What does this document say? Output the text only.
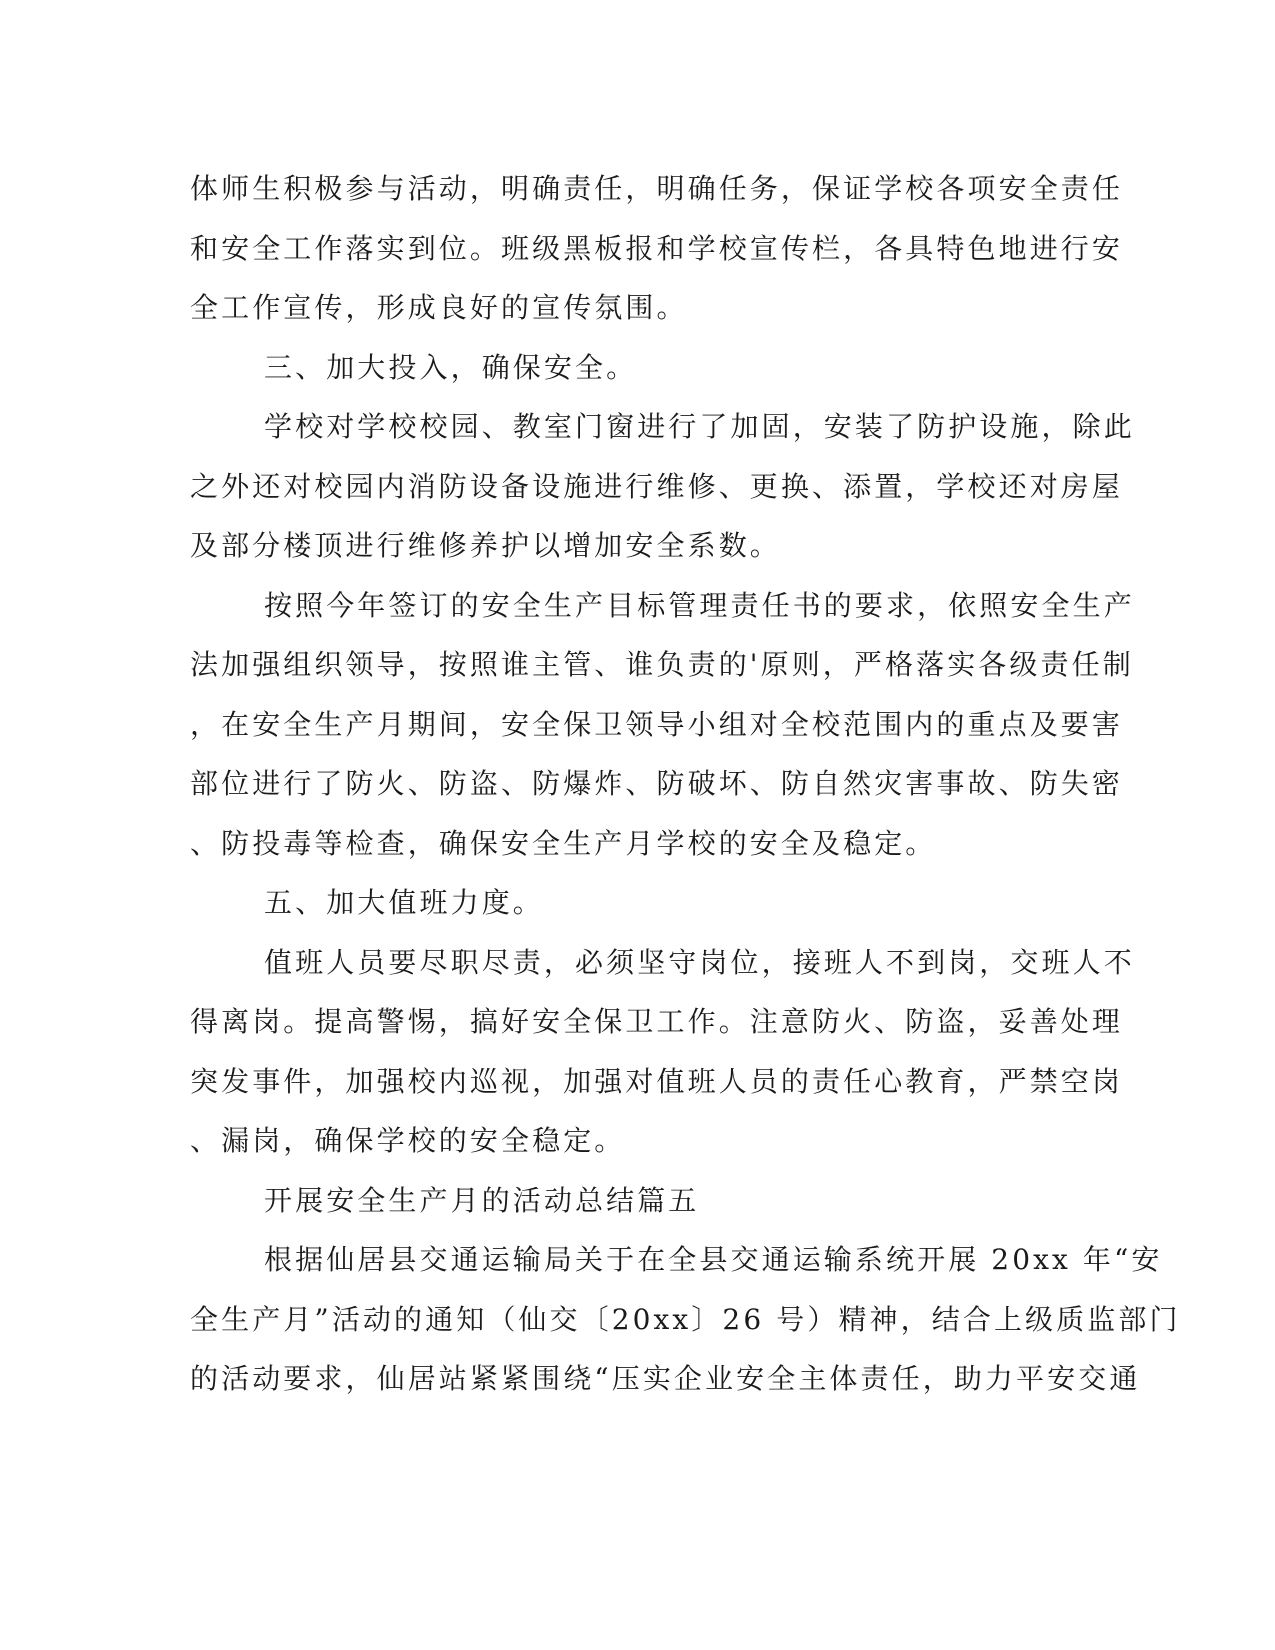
体师生积极参与活动，明确责任，明确任务，保证学校各项安全责任
和安全工作落实到位。班级黑板报和学校宣传栏，各具特色地进行安
全工作宣传，形成良好的宣传氛围。
三、加大投入，确保安全。
学校对学校校园、教室门窗进行了加固，安装了防护设施，除此
之外还对校园内消防设备设施进行维修、更换、添置，学校还对房屋
及部分楼顶进行维修养护以增加安全系数。
按照今年签订的安全生产目标管理责任书的要求，依照安全生产
法加强组织领导，按照谁主管、谁负责的'原则，严格落实各级责任制
，在安全生产月期间，安全保卫领导小组对全校范围内的重点及要害
部位进行了防火、防盗、防爆炸、防破坏、防自然灾害事故、防失密
、防投毒等检查，确保安全生产月学校的安全及稳定。
五、加大值班力度。
值班人员要尽职尽责，必须坚守岗位，接班人不到岗，交班人不
得离岗。提高警惕，搞好安全保卫工作。注意防火、防盗，妥善处理
突发事件，加强校内巡视，加强对值班人员的责任心教育，严禁空岗
、漏岗，确保学校的安全稳定。
开展安全生产月的活动总结篇五
根据仙居县交通运输局关于在全县交通运输系统开展 20xx 年“安
全生产月”活动的通知（仙交〔20xx〕26 号）精神，结合上级质监部门
的活动要求，仙居站紧紧围绕“压实企业安全主体责任，助力平安交通
